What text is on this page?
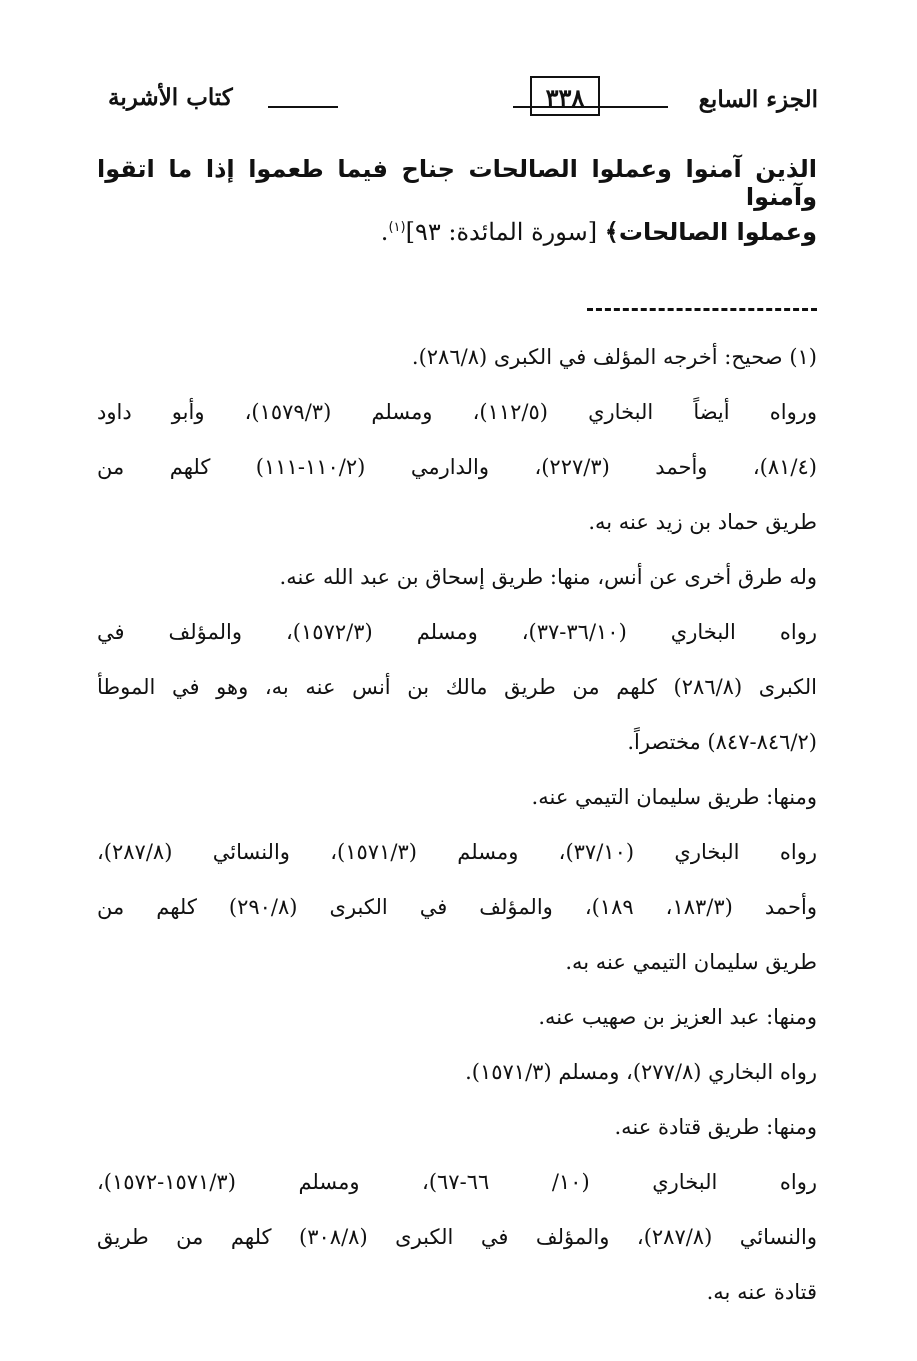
الجزء السابع
٣٣٨
كتاب الأشربة
الذين آمنوا وعملوا الصالحات جناح فيما طعموا إذا ما اتقوا وآمنوا
وعملوا الصالحات﴾ [سورة المائدة: ٩٣]$^{(١)}$.
(١) صحيح: أخرجه المؤلف في الكبرى (٢٨٦/٨).
ورواه أيضاً البخاري (١١٢/٥)، ومسلم (١٥٧٩/٣)، وأبو داود
(٨١/٤)، وأحمد (٢٢٧/٣)، والدارمي (١١٠/٢-١١١) كلهم من
طريق حماد بن زيد عنه به.
وله طرق أخرى عن أنس، منها: طريق إسحاق بن عبد الله عنه.
رواه البخاري (٣٦/١٠-٣٧)، ومسلم (١٥٧٢/٣)، والمؤلف في
الكبرى (٢٨٦/٨) كلهم من طريق مالك بن أنس عنه به، وهو في الموطأ
(٨٤٦/٢-٨٤٧) مختصراً.
ومنها: طريق سليمان التيمي عنه.
رواه البخاري (٣٧/١٠)، ومسلم (١٥٧١/٣)، والنسائي (٢٨٧/٨)،
وأحمد (١٨٣/٣، ١٨٩)، والمؤلف في الكبرى (٢٩٠/٨) كلهم من
طريق سليمان التيمي عنه به.
ومنها: عبد العزيز بن صهيب عنه.
رواه البخاري (٢٧٧/٨)، ومسلم (١٥٧١/٣).
ومنها: طريق قتادة عنه.
رواه البخاري (١٠/ ٦٦-٦٧)، ومسلم (١٥٧١/٣-١٥٧٢)،
والنسائي (٢٨٧/٨)، والمؤلف في الكبرى (٣٠٨/٨) كلهم من طريق
قتادة عنه به.
